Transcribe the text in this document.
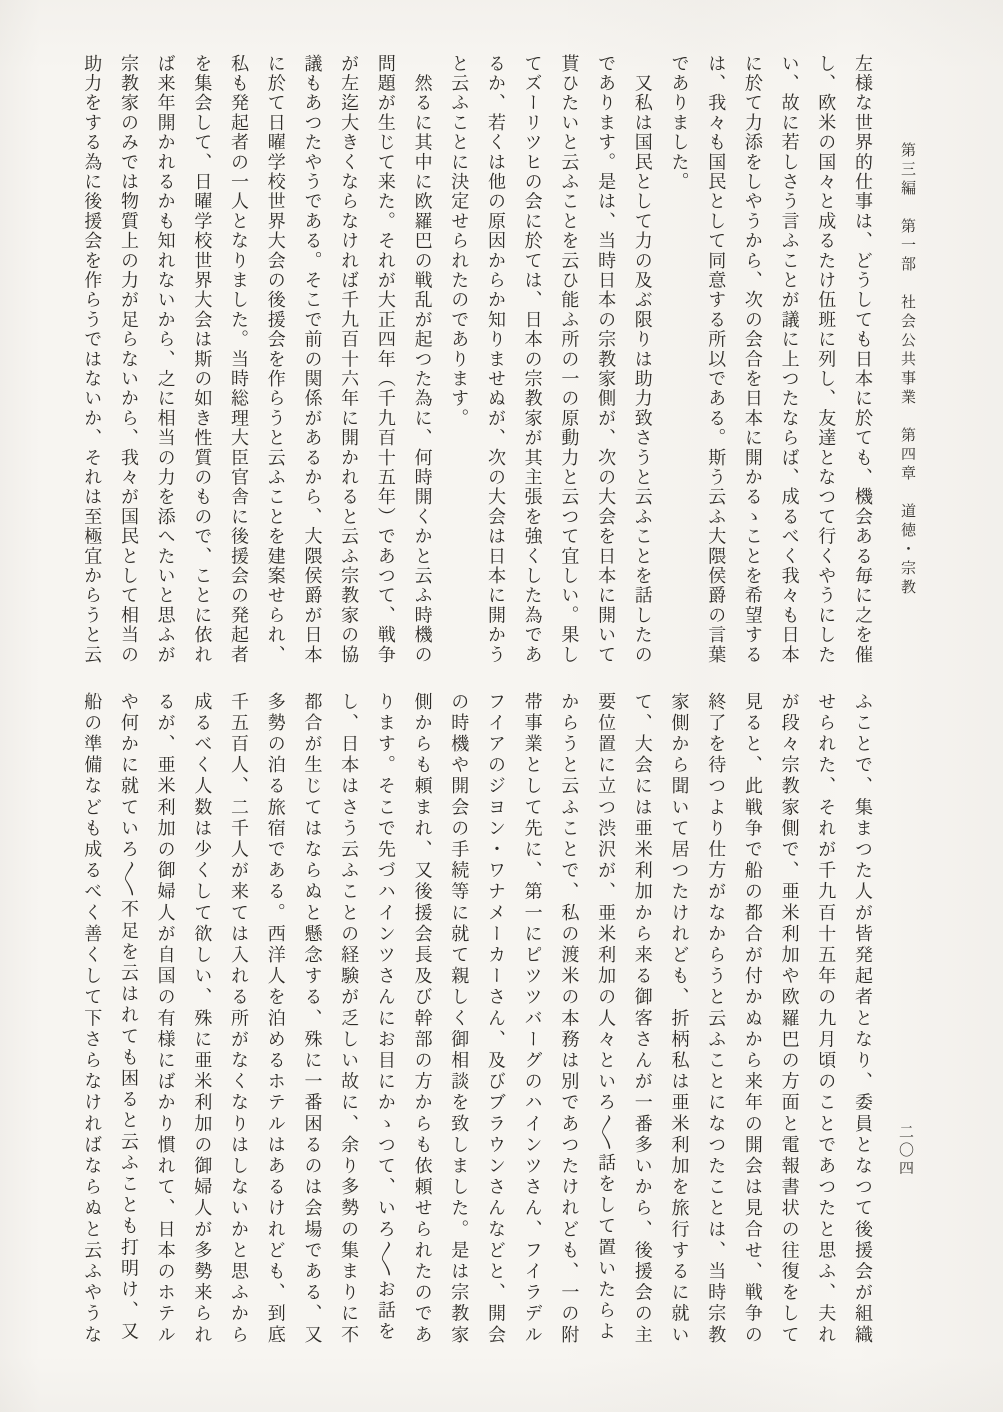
第三編　第一部　社会公共事業　第四章　道徳・宗教
二〇四
左様な世界的仕事は、どうしても日本に於ても、機会ある毎に之を催
し、欧米の国々と成るたけ伍班に列し、友達となつて行くやうにした
い、故に若しさう言ふことが議に上つたならば、成るべく我々も日本
に於て力添をしやうから、次の会合を日本に開かるゝことを希望する
は、我々も国民として同意する所以である。斯う云ふ大隈侯爵の言葉
でありました。
　又私は国民として力の及ぶ限りは助力致さうと云ふことを話したの
であります。是は、当時日本の宗教家側が、次の大会を日本に開いて
貰ひたいと云ふことを云ひ能ふ所の一の原動力と云つて宜しい。果し
てズーリツヒの会に於ては、日本の宗教家が其主張を強くした為であ
るか、若くは他の原因からか知りませぬが、次の大会は日本に開かう
と云ふことに決定せられたのであります。
　然るに其中に欧羅巴の戦乱が起つた為に、何時開くかと云ふ時機の
問題が生じて来た。それが大正四年（千九百十五年）であつて、戦争
が左迄大きくならなければ千九百十六年に開かれると云ふ宗教家の協
議もあつたやうである。そこで前の関係があるから、大隈侯爵が日本
に於て日曜学校世界大会の後援会を作らうと云ふことを建案せられ、
私も発起者の一人となりました。当時総理大臣官舎に後援会の発起者
を集会して、日曜学校世界大会は斯の如き性質のもので、ことに依れ
ば来年開かれるかも知れないから、之に相当の力を添へたいと思ふが
宗教家のみでは物質上の力が足らないから、我々が国民として相当の
助力をする為に後援会を作らうではないか、それは至極宜からうと云
ふことで、集まつた人が皆発起者となり、委員となつて後援会が組織
せられた、それが千九百十五年の九月頃のことであつたと思ふ、夫れ
が段々宗教家側で、亜米利加や欧羅巴の方面と電報書状の往復をして
見ると、此戦争で船の都合が付かぬから来年の開会は見合せ、戦争の
終了を待つより仕方がなからうと云ふことになつたことは、当時宗教
家側から聞いて居つたけれども、折柄私は亜米利加を旅行するに就い
て、大会には亜米利加から来る御客さんが一番多いから、後援会の主
要位置に立つ渋沢が、亜米利加の人々といろ〳〵話をして置いたらよ
からうと云ふことで、私の渡米の本務は別であつたけれども、一の附
帯事業として先に、第一にピツツバーグのハインツさん、フイラデル
フイアのジヨン・ワナメーカーさん、及びブラウンさんなどと、開会
の時機や開会の手続等に就て親しく御相談を致しました。是は宗教家
側からも頼まれ、又後援会長及び幹部の方からも依頼せられたのであ
ります。そこで先づハインツさんにお目にかゝつて、いろ〳〵お話を
し、日本はさう云ふことの経験が乏しい故に、余り多勢の集まりに不
都合が生じてはならぬと懸念する、殊に一番困るのは会場である、又
多勢の泊る旅宿である。西洋人を泊めるホテルはあるけれども、到底
千五百人、二千人が来ては入れる所がなくなりはしないかと思ふから
成るべく人数は少くして欲しい、殊に亜米利加の御婦人が多勢来られ
るが、亜米利加の御婦人が自国の有様にばかり慣れて、日本のホテル
や何かに就ていろ〳〵不足を云はれても困ると云ふことも打明け、又
船の準備なども成るべく善くして下さらなければならぬと云ふやうな
